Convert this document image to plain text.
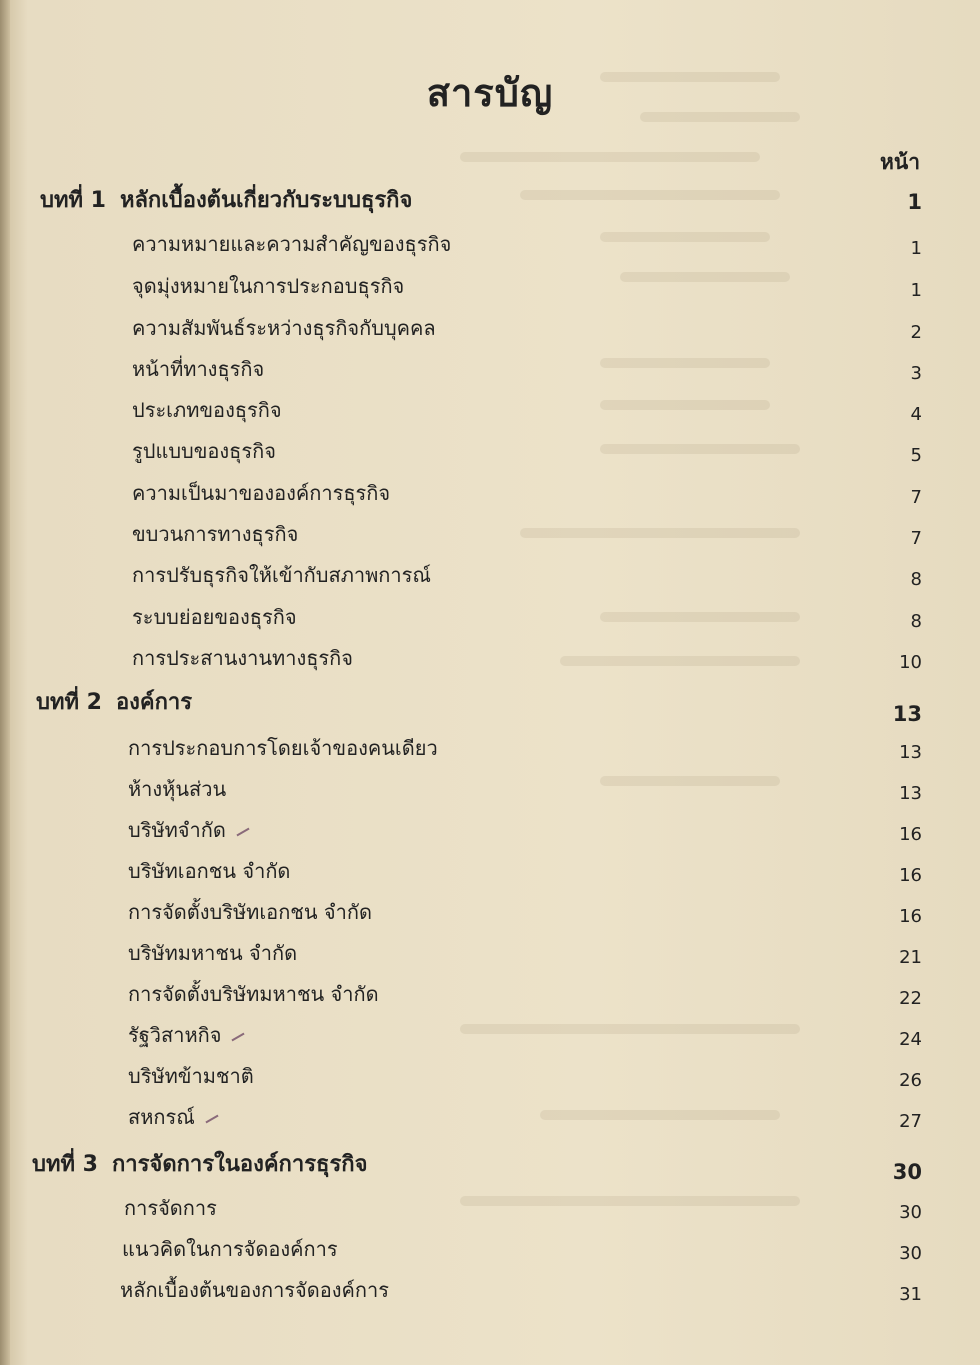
สารบัญ
หน้า
บทที่ 1 หลักเบื้องต้นเกี่ยวกับระบบธุรกิจ	1
ความหมายและความสำคัญของธุรกิจ	1
จุดมุ่งหมายในการประกอบธุรกิจ	1
ความสัมพันธ์ระหว่างธุรกิจกับบุคคล	2
หน้าที่ทางธุรกิจ	3
ประเภทของธุรกิจ	4
รูปแบบของธุรกิจ	5
ความเป็นมาขององค์การธุรกิจ	7
ขบวนการทางธุรกิจ	7
การปรับธุรกิจให้เข้ากับสภาพการณ์	8
ระบบย่อยของธุรกิจ	8
การประสานงานทางธุรกิจ	10
บทที่ 2 องค์การ	13
การประกอบการโดยเจ้าของคนเดียว	13
ห้างหุ้นส่วน	13
บริษัทจำกัด	16
บริษัทเอกชน จำกัด	16
การจัดตั้งบริษัทเอกชน จำกัด	16
บริษัทมหาชน จำกัด	21
การจัดตั้งบริษัทมหาชน จำกัด	22
รัฐวิสาหกิจ	24
บริษัทข้ามชาติ	26
สหกรณ์	27
บทที่ 3 การจัดการในองค์การธุรกิจ	30
การจัดการ	30
แนวคิดในการจัดองค์การ	30
หลักเบื้องต้นของการจัดองค์การ	31
